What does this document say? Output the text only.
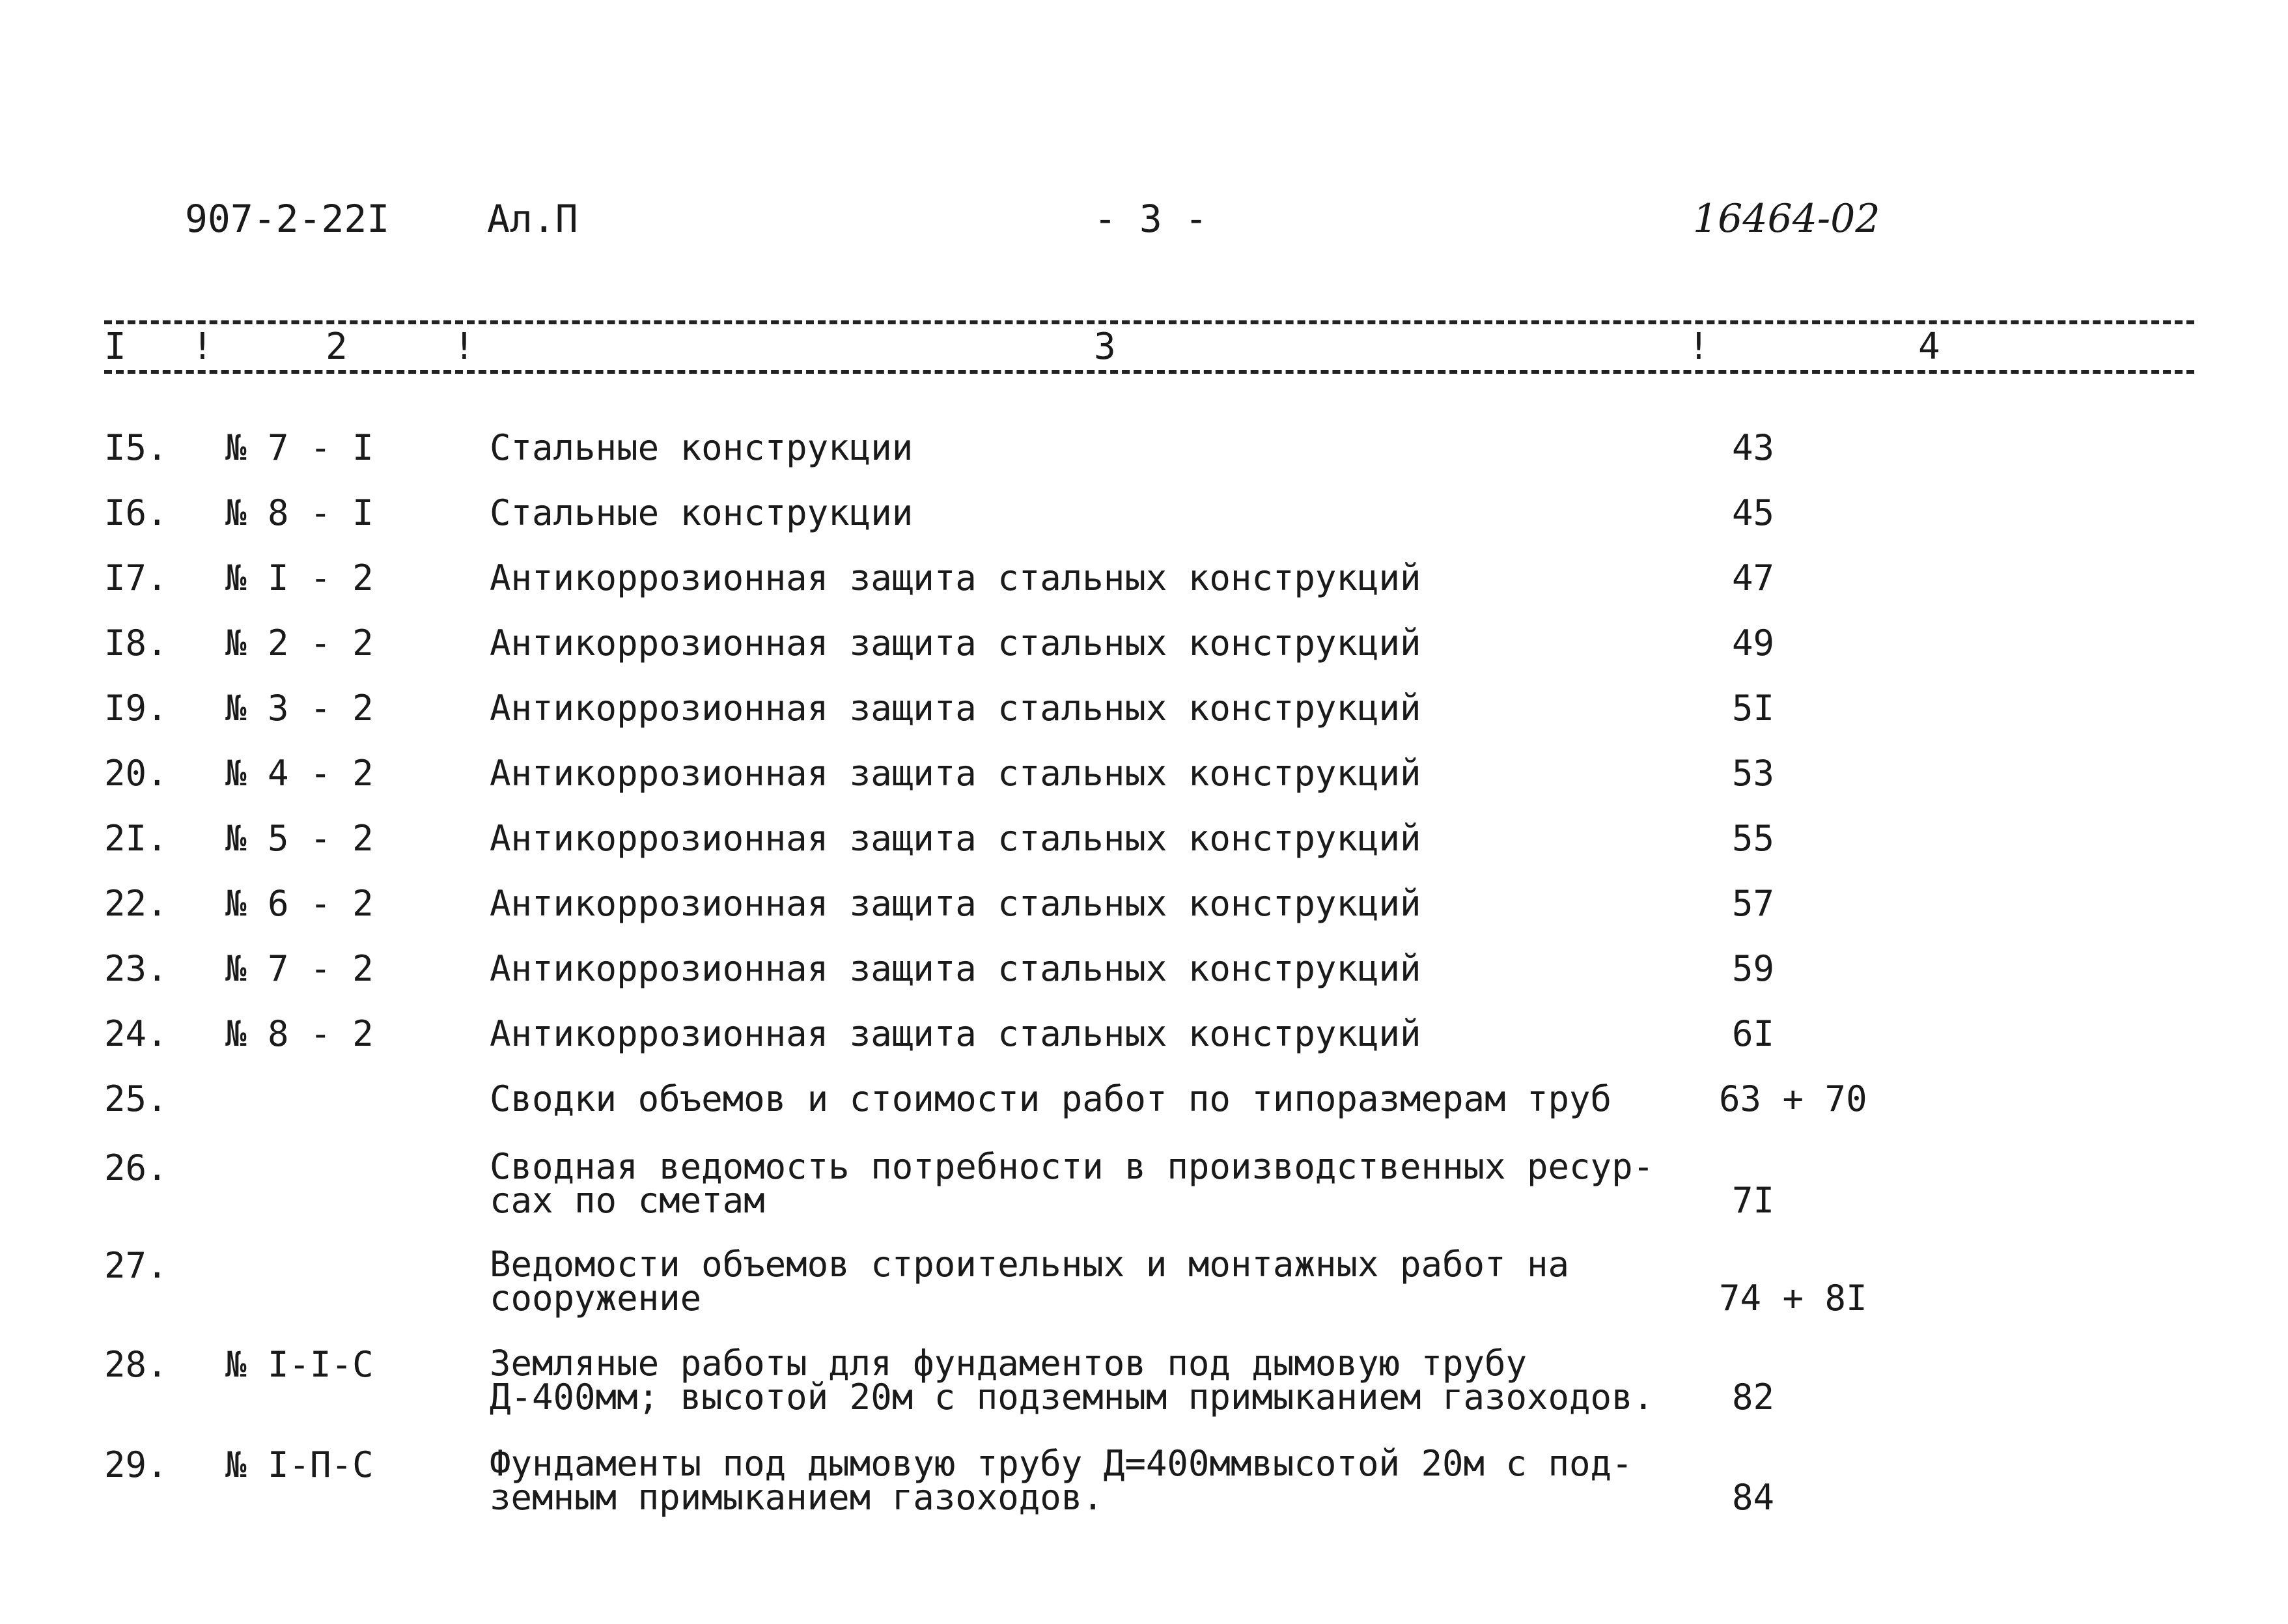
907-2-22I	Ал.П	- 3 -	16464-02
I !	2	!	3	!	4
I5. № 7 - I	Стальные конструкции	43
I6. № 8 - I	Стальные конструкции	45
I7. № I - 2	Антикоррозионная защита стальных конструкций	47
I8. № 2 - 2	Антикоррозионная защита стальных конструкций	49
I9. № 3 - 2	Антикоррозионная защита стальных конструкций	5I
20. № 4 - 2	Антикоррозионная защита стальных конструкций	53
2I. № 5 - 2	Антикоррозионная защита стальных конструкций	55
22. № 6 - 2	Антикоррозионная защита стальных конструкций	57
23. № 7 - 2	Антикоррозионная защита стальных конструкций	59
24. № 8 - 2	Антикоррозионная защита стальных конструкций	6I
25.	Сводки объемов и стоимости работ по типоразмерам труб	63 + 70
26.	Сводная ведомость потребности в производственных ресур-
сах по сметам	7I
27.	Ведомости объемов строительных и монтажных работ на
сооружение	74 + 8I
28. № I-I-C	Земляные работы для фундаментов под дымовую трубу
Д-400мм; высотой 20м с подземным примыканием газоходов. 82
29. № I-П-C	Фундаменты под дымовую трубу Д=400ммвысотой 20м с под-
земным примыканием газоходов.	84
